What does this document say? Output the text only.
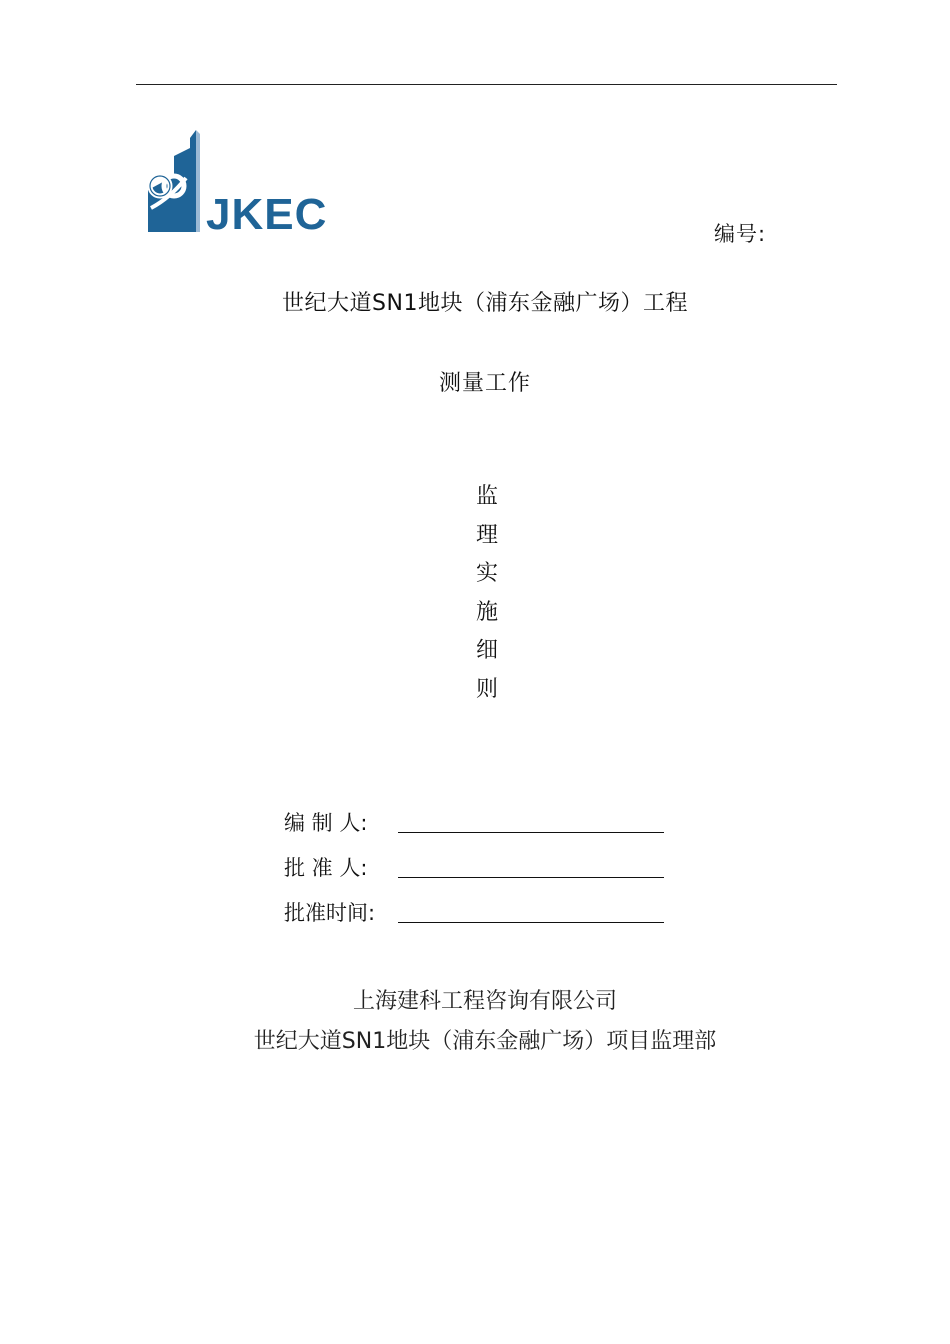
JKEC	编号:
世纪大道SN1地块（浦东金融广场）工程
测量工作
监
理
实
施
细
则
编 制 人:
批 准 人:
批准时间:
上海建科工程咨询有限公司
世纪大道SN1地块（浦东金融广场）项目监理部
